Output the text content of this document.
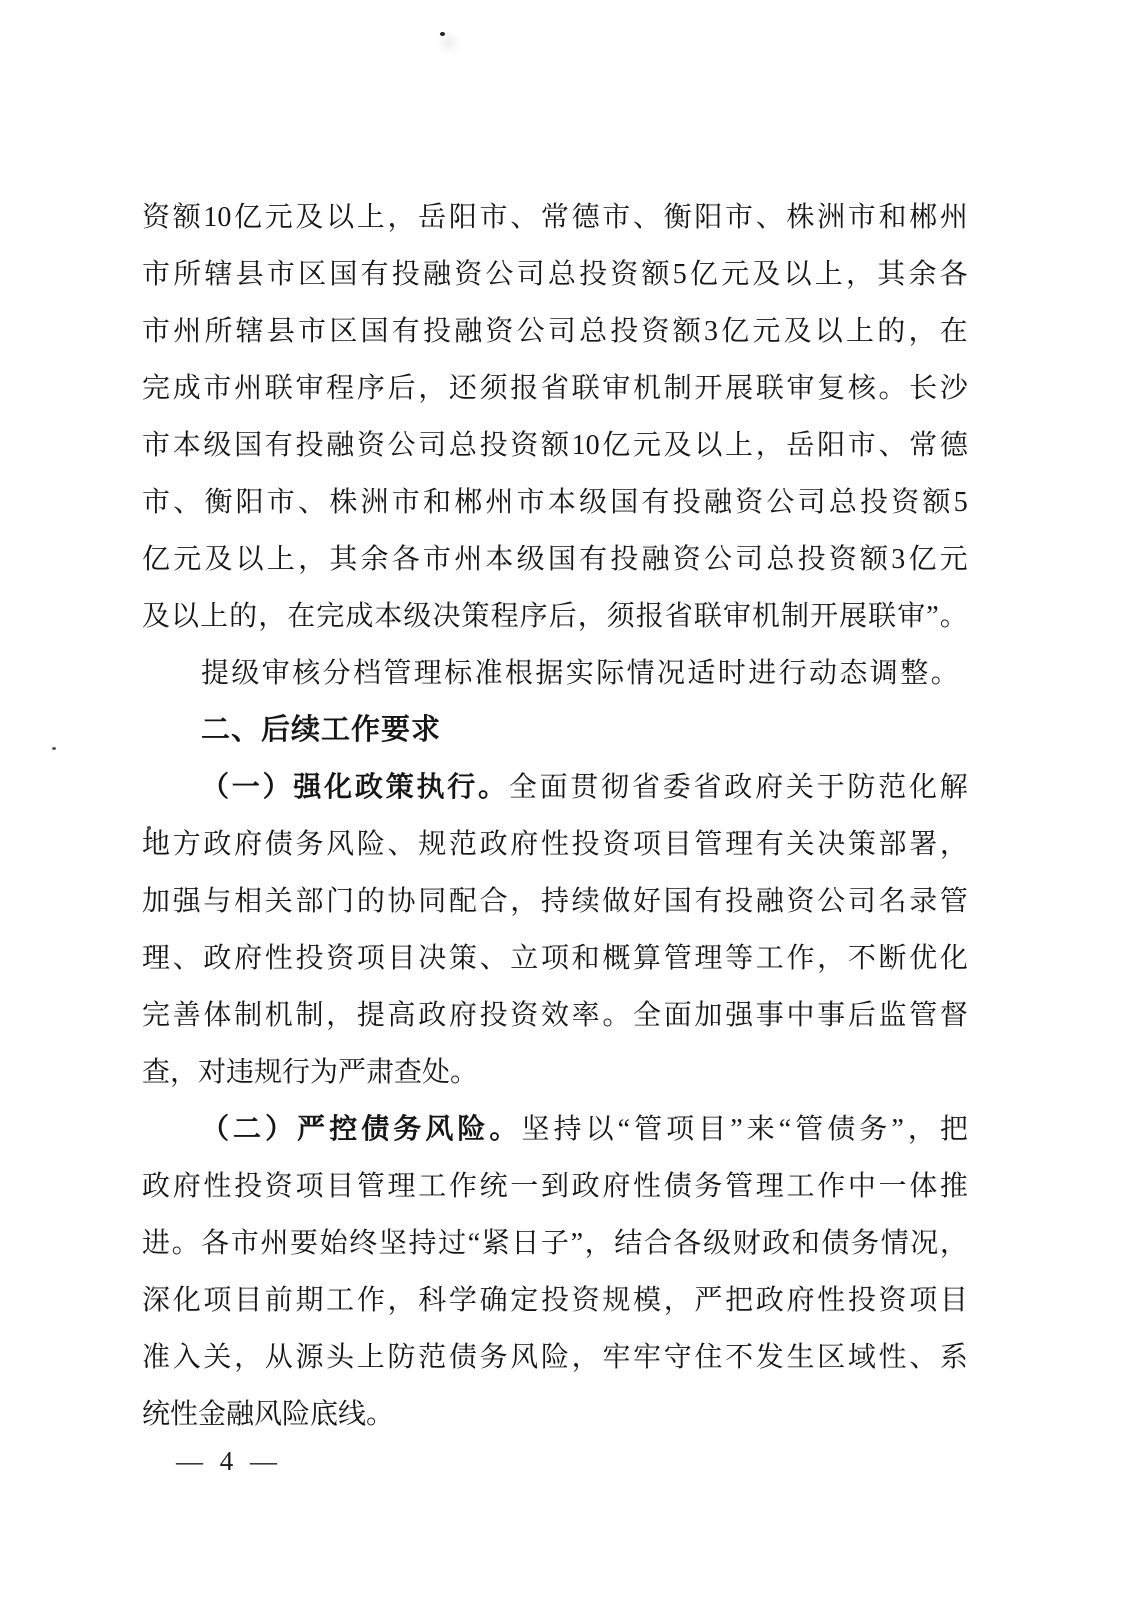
资 额 10 亿 元 及 以 上 ， 岳 阳 市 、 常 德 市 、 衡 阳 市 、 株 洲 市 和 郴 州
市 所 辖 县 市 区 国 有 投 融 资 公 司 总 投 资 额 5 亿 元 及 以 上 ， 其 余 各
市 州 所 辖 县 市 区 国 有 投 融 资 公 司 总 投 资 额 3 亿 元 及 以 上 的 ， 在
完 成 市 州 联 审 程 序 后 ， 还 须 报 省 联 审 机 制 开 展 联 审 复 核 。 长 沙
市 本 级 国 有 投 融 资 公 司 总 投 资 额 10 亿 元 及 以 上 ， 岳 阳 市 、 常 德
市 、 衡 阳 市 、 株 洲 市 和 郴 州 市 本 级 国 有 投 融 资 公 司 总 投 资 额 5
亿 元 及 以 上 ， 其 余 各 市 州 本 级 国 有 投 融 资 公 司 总 投 资 额 3 亿 元
及 以 上 的 ， 在 完 成 本 级 决 策 程 序 后 ， 须 报 省 联 审 机 制 开 展 联 审 ” 。
提级审核分档管理标准根据实际情况适时进行动态调整。
二、后续工作要求
（ 一 ） 强 化 政 策 执 行 。 全 面 贯 彻 省 委 省 政 府 关 于 防 范 化 解
地 方 政 府 债 务 风 险 、 规 范 政 府 性 投 资 项 目 管 理 有 关 决 策 部 署 ，
加 强 与 相 关 部 门 的 协 同 配 合 ， 持 续 做 好 国 有 投 融 资 公 司 名 录 管
理 、 政 府 性 投 资 项 目 决 策 、 立 项 和 概 算 管 理 等 工 作 ， 不 断 优 化
完 善 体 制 机 制 ， 提 高 政 府 投 资 效 率 。 全 面 加 强 事 中 事 后 监 管 督
查，对违规行为严肃查处。
（ 二 ） 严 控 债 务 风 险 。 坚 持 以 “ 管 项 目 ” 来 “ 管 债 务 ” ， 把
政 府 性 投 资 项 目 管 理 工 作 统 一 到 政 府 性 债 务 管 理 工 作 中 一 体 推
进 。 各 市 州 要 始 终 坚 持 过 “ 紧 日 子 ” ， 结 合 各 级 财 政 和 债 务 情 况 ，
深 化 项 目 前 期 工 作 ， 科 学 确 定 投 资 规 模 ， 严 把 政 府 性 投 资 项 目
准 入 关 ， 从 源 头 上 防 范 债 务 风 险 ， 牢 牢 守 住 不 发 生 区 域 性 、 系
统性金融风险底线。
— 4 —
